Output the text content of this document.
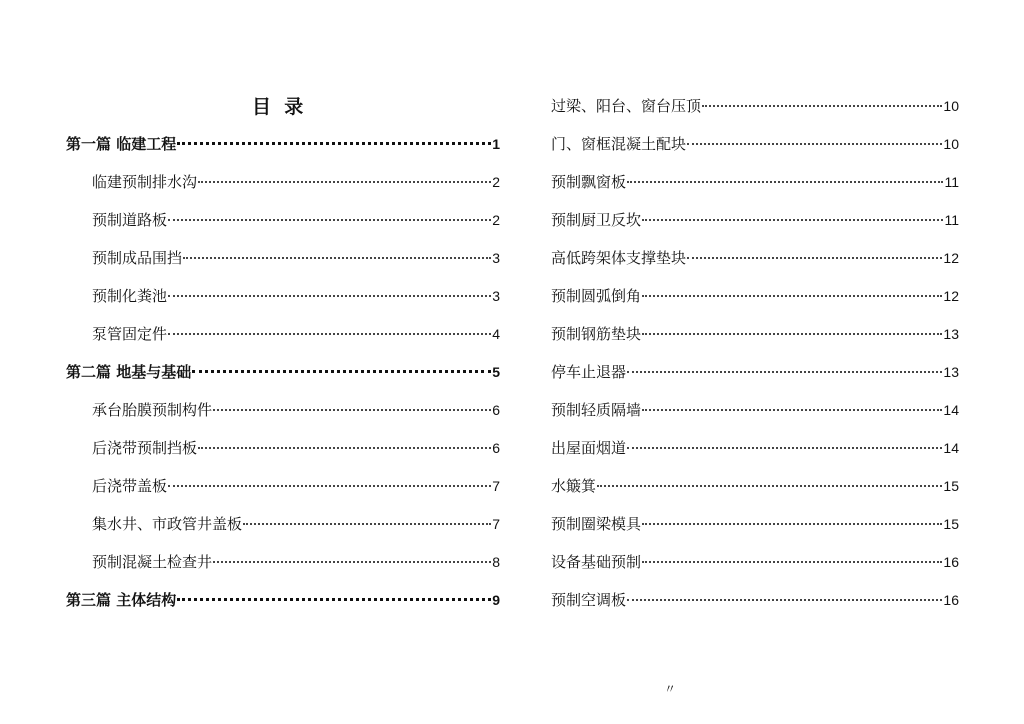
目  录
第一篇 临建工程	1
临建预制排水沟	2
预制道路板	2
预制成品围挡	3
预制化粪池	3
泵管固定件	4
第二篇 地基与基础	5
承台胎膜预制构件	6
后浇带预制挡板	6
后浇带盖板	7
集水井、市政管井盖板	7
预制混凝土检查井	8
第三篇 主体结构	9
过梁、阳台、窗台压顶	10
门、窗框混凝土配块	10
预制飘窗板	11
预制厨卫反坎	11
高低跨架体支撑垫块	12
预制圆弧倒角	12
预制钢筋垫块	13
停车止退器	13
预制轻质隔墙	14
出屋面烟道	14
水簸箕	15
预制圈梁模具	15
设备基础预制	16
预制空调板	16
〃
